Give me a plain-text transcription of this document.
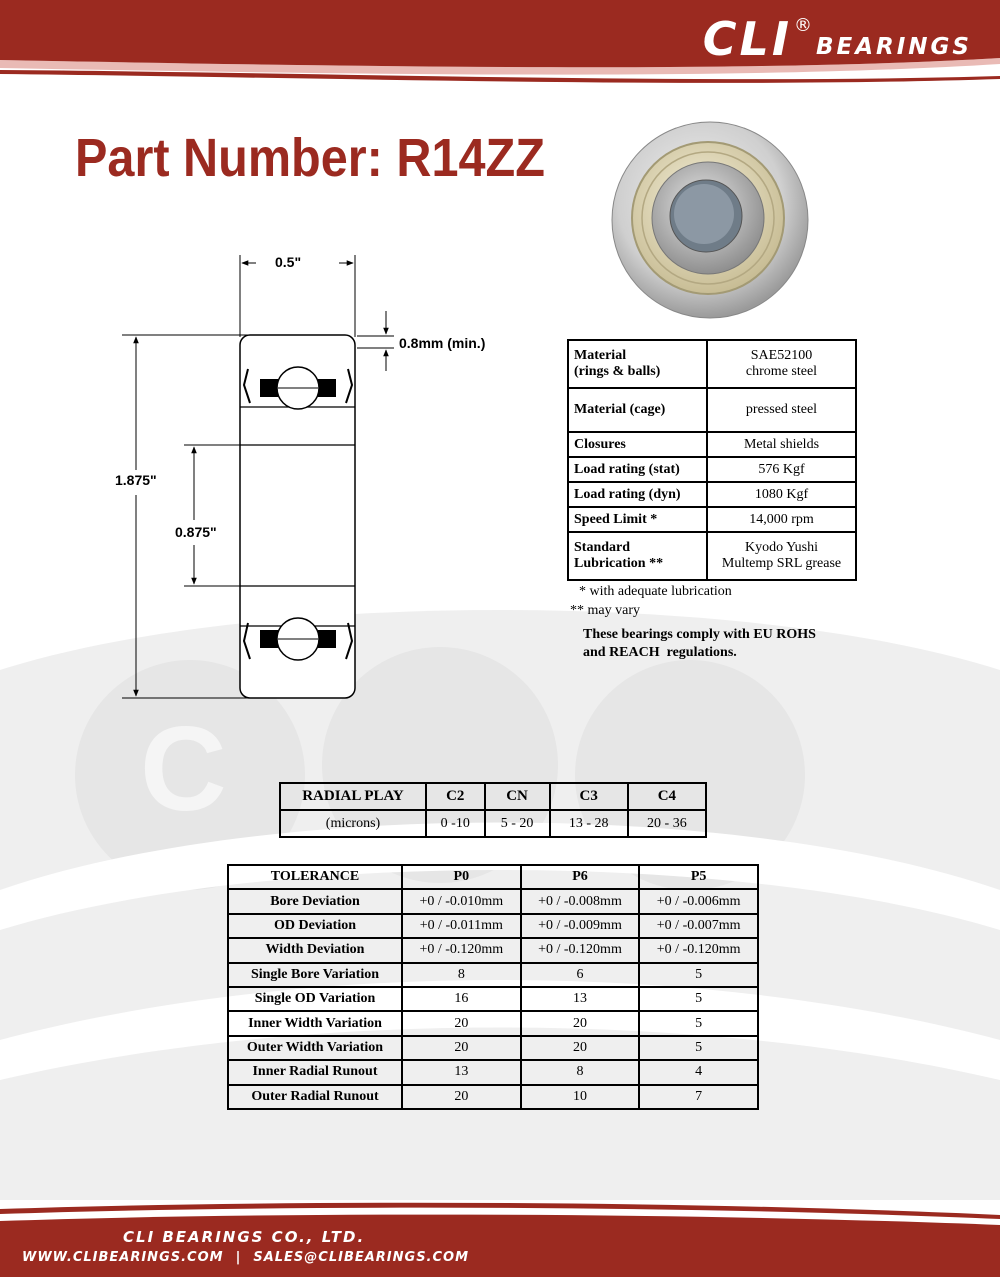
CLI ®
BEARINGS
C
Part Number: R14ZZ
0.5"
0.8mm (min.)
1.875"
0.875"
Material
(rings & balls)	SAE52100
chrome steel
Material (cage)	pressed steel
Closures	Metal shields
Load rating (stat)	576 Kgf
Load rating (dyn)	1080 Kgf
Speed Limit *	14,000 rpm
Standard
Lubrication **	Kyodo Yushi
Multemp SRL grease
* with adequate lubrication
** may vary
These bearings comply with EU ROHS
and REACH  regulations.
RADIAL PLAY	C2	CN	C3	C4
(microns)	0 -10	5 - 20	13 - 28	20 - 36
TOLERANCE	P0	P6	P5
Bore Deviation	+0 / -0.010mm	+0 / -0.008mm	+0 / -0.006mm
OD Deviation	+0 / -0.011mm	+0 / -0.009mm	+0 / -0.007mm
Width Deviation	+0 / -0.120mm	+0 / -0.120mm	+0 / -0.120mm
Single Bore Variation	8	6	5
Single OD Variation	16	13	5
Inner Width Variation	20	20	5
Outer Width Variation	20	20	5
Inner Radial Runout	13	8	4
Outer Radial Runout	20	10	7
CLI BEARINGS CO., LTD.
WWW.CLIBEARINGS.COM | SALES@CLIBEARINGS.COM
